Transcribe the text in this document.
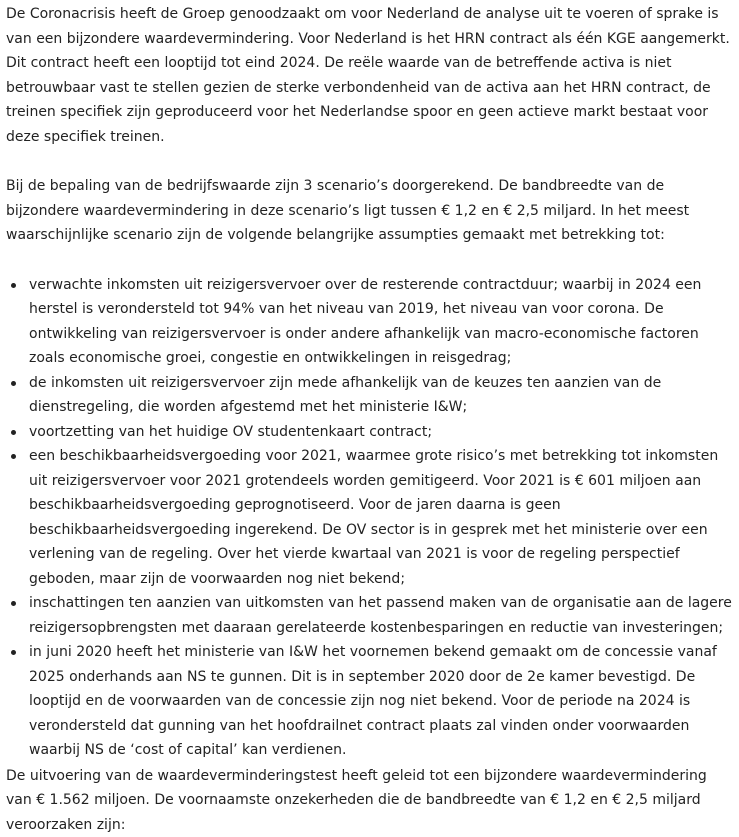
De Coronacrisis heeft de Groep genoodzaakt om voor Nederland de analyse uit te voeren of sprake is van een bijzondere waardevermindering. Voor Nederland is het HRN contract als één KGE aangemerkt. Dit contract heeft een looptijd tot eind 2024. De reële waarde van de betreffende activa is niet betrouwbaar vast te stellen gezien de sterke verbondenheid van de activa aan het HRN contract, de treinen specifiek zijn geproduceerd voor het Nederlandse spoor en geen actieve markt bestaat voor deze specifiek treinen.

Bij de bepaling van de bedrijfswaarde zijn 3 scenario’s doorgerekend. De bandbreedte van de bijzondere waardevermindering in deze scenario’s ligt tussen € 1,2 en € 2,5 miljard. In het meest waarschijnlijke scenario zijn de volgende belangrijke assumpties gemaakt met betrekking tot:

verwachte inkomsten uit reizigersvervoer over de resterende contractduur; waarbij in 2024 een herstel is verondersteld tot 94% van het niveau van 2019, het niveau van voor corona. De ontwikkeling van reizigersvervoer is onder andere afhankelijk van macro-economische factoren zoals economische groei, congestie en ontwikkelingen in reisgedrag;
de inkomsten uit reizigersvervoer zijn mede afhankelijk van de keuzes ten aanzien van de dienstregeling, die worden afgestemd met het ministerie I&W;
voortzetting van het huidige OV studentenkaart contract;
een beschikbaarheidsvergoeding voor 2021, waarmee grote risico’s met betrekking tot inkomsten uit reizigersvervoer voor 2021 grotendeels worden gemitigeerd. Voor 2021 is € 601 miljoen aan beschikbaarheidsvergoeding geprognotiseerd. Voor de jaren daarna is geen beschikbaarheidsvergoeding ingerekend. De OV sector is in gesprek met het ministerie over een verlening van de regeling. Over het vierde kwartaal van 2021 is voor de regeling perspectief geboden, maar zijn de voorwaarden nog niet bekend;
inschattingen ten aanzien van uitkomsten van het passend maken van de organisatie aan de lagere reizigersopbrengsten met daaraan gerelateerde kostenbesparingen en reductie van investeringen;
in juni 2020 heeft het ministerie van I&W het voornemen bekend gemaakt om de concessie vanaf 2025 onderhands aan NS te gunnen. Dit is in september 2020 door de 2e kamer bevestigd. De looptijd en de voorwaarden van de concessie zijn nog niet bekend. Voor de periode na 2024 is verondersteld dat gunning van het hoofdrailnet contract plaats zal vinden onder voorwaarden waarbij NS de ‘cost of capital’ kan verdienen.

De uitvoering van de waardeverminderingstest heeft geleid tot een bijzondere waardevermindering van € 1.562 miljoen. De voornaamste onzekerheden die de bandbreedte van € 1,2 en € 2,5 miljard veroorzaken zijn:
